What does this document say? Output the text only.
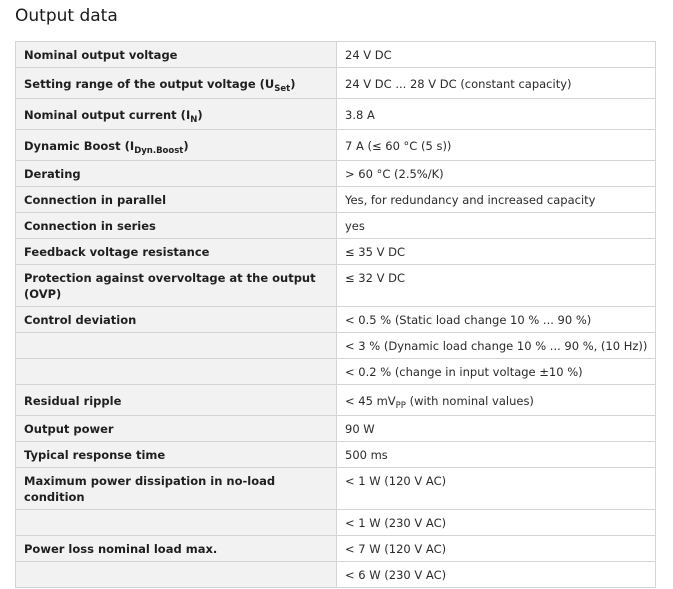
Output data
Nominal output voltage	24 V DC
Setting range of the output voltage $(U_{Set})$	24 V DC ... 28 V DC (constant capacity)
Nominal output current $(I_N)$	3.8 A
Dynamic Boost $(I_{Dyn.Boost})$	7 A (≤ 60 °C (5 s))
Derating	> 60 °C (2.5%/K)
Connection in parallel	Yes, for redundancy and increased capacity
Connection in series	yes
Feedback voltage resistance	≤ 35 V DC
Protection against overvoltage at the output (OVP)	≤ 32 V DC
Control deviation	< 0.5 % (Static load change 10 % ... 90 %)
	< 3 % (Dynamic load change 10 % ... 90 %, (10 Hz))
	< 0.2 % (change in input voltage ±10 %)
Residual ripple	< 45 $mV_{PP}$ (with nominal values)
Output power	90 W
Typical response time	500 ms
Maximum power dissipation in no-load condition	< 1 W (120 V AC)
	< 1 W (230 V AC)
Power loss nominal load max.	< 7 W (120 V AC)
	< 6 W (230 V AC)
